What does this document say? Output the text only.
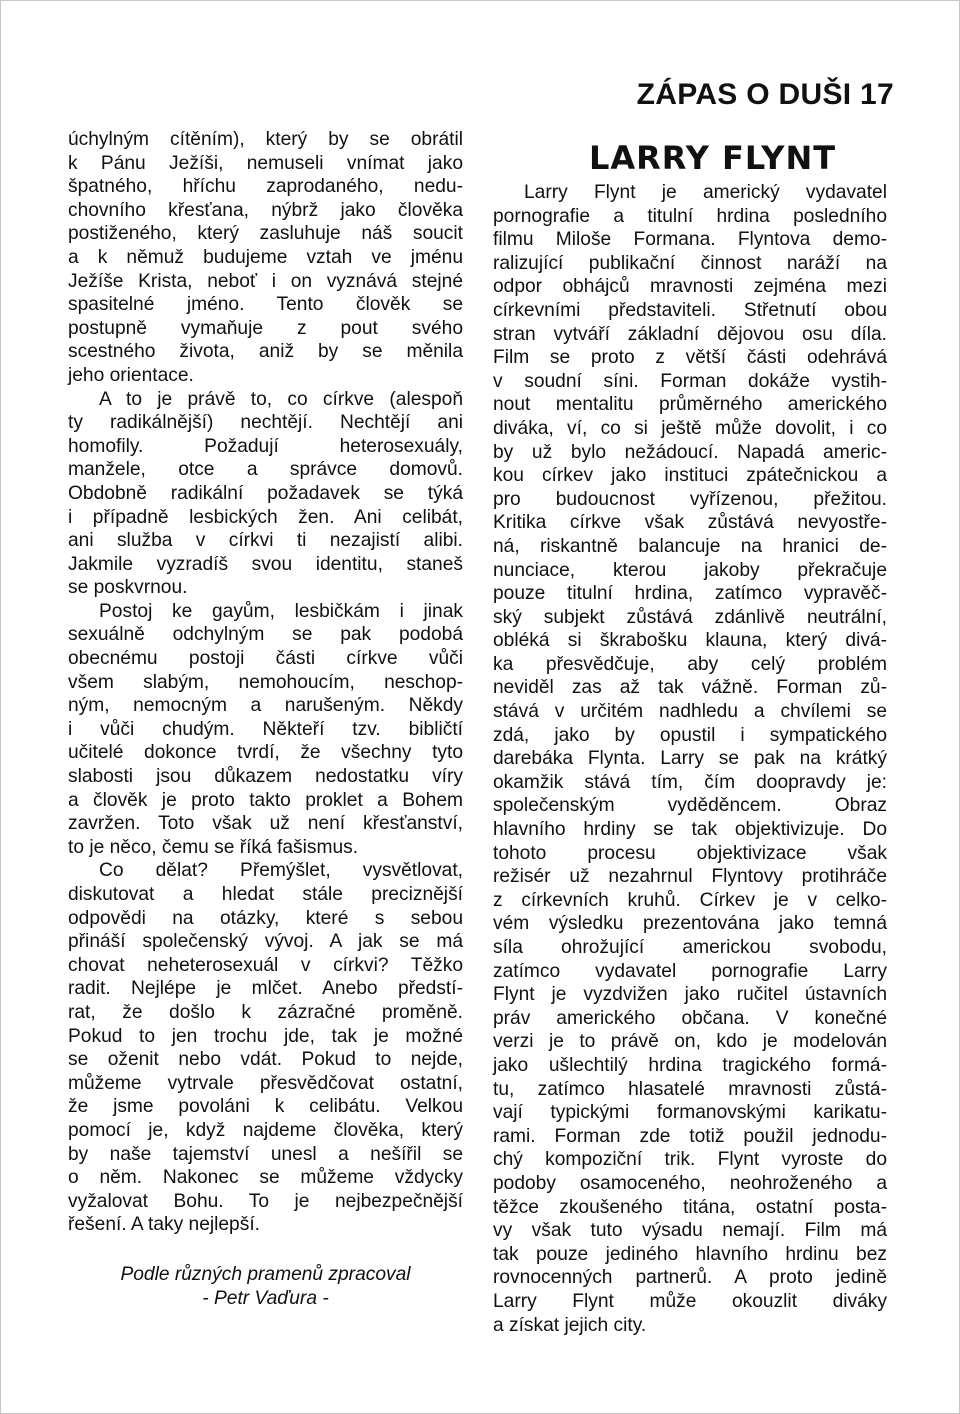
ZÁPAS O DUŠI 17
úchylným cítěním), který by se obrátil
k Pánu Ježíši, nemuseli vnímat jako
špatného, hříchu zaprodaného, nedu-
chovního křesťana, nýbrž jako člověka
postiženého, který zasluhuje náš soucit
a k němuž budujeme vztah ve jménu
Ježíše Krista, neboť i on vyznává stejné
spasitelné jméno. Tento člověk se
postupně vymaňuje z pout svého
scestného života, aniž by se měnila
jeho orientace.
A to je právě to, co církve (alespoň
ty radikálnější) nechtějí. Nechtějí ani
homofily. Požadují heterosexuály,
manžele, otce a správce domovů.
Obdobně radikální požadavek se týká
i případně lesbických žen. Ani celibát,
ani služba v církvi ti nezajistí alibi.
Jakmile vyzradíš svou identitu, staneš
se poskvrnou.
Postoj ke gayům, lesbičkám i jinak
sexuálně odchylným se pak podobá
obecnému postoji části církve vůči
všem slabým, nemohoucím, neschop-
ným, nemocným a narušeným. Někdy
i vůči chudým. Někteří tzv. bibličtí
učitelé dokonce tvrdí, že všechny tyto
slabosti jsou důkazem nedostatku víry
a člověk je proto takto proklet a Bohem
zavržen. Toto však už není křesťanství,
to je něco, čemu se říká fašismus.
Co dělat? Přemýšlet, vysvětlovat,
diskutovat a hledat stále preciznější
odpovědi na otázky, které s sebou
přináší společenský vývoj. A jak se má
chovat neheterosexuál v církvi? Těžko
radit. Nejlépe je mlčet. Anebo předstí-
rat, že došlo k zázračné proměně.
Pokud to jen trochu jde, tak je možné
se oženit nebo vdát. Pokud to nejde,
můžeme vytrvale přesvědčovat ostatní,
že jsme povoláni k celibátu. Velkou
pomocí je, když najdeme člověka, který
by naše tajemství unesl a nešířil se
o něm. Nakonec se můžeme vždycky
vyžalovat Bohu. To je nejbezpečnější
řešení. A taky nejlepší.
Podle různých pramenů zpracoval
- Petr Vaďura -
LARRY FLYNT
Larry Flynt je americký vydavatel
pornografie a titulní hrdina posledního
filmu Miloše Formana. Flyntova demo-
ralizující publikační činnost naráží na
odpor obhájců mravnosti zejména mezi
církevními představiteli. Střetnutí obou
stran vytváří základní dějovou osu díla.
Film se proto z větší části odehrává
v soudní síni. Forman dokáže vystih-
nout mentalitu průměrného amerického
diváka, ví, co si ještě může dovolit, i co
by už bylo nežádoucí. Napadá americ-
kou církev jako instituci zpátečnickou a
pro budoucnost vyřízenou, přežitou.
Kritika církve však zůstává nevyostře-
ná, riskantně balancuje na hranici de-
nunciace, kterou jakoby překračuje
pouze titulní hrdina, zatímco vypravěč-
ský subjekt zůstává zdánlivě neutrální,
obléká si škrabošku klauna, který divá-
ka přesvědčuje, aby celý problém
neviděl zas až tak vážně. Forman zů-
stává v určitém nadhledu a chvílemi se
zdá, jako by opustil i sympatického
darebáka Flynta. Larry se pak na krátký
okamžik stává tím, čím doopravdy je:
společenským vyděděncem. Obraz
hlavního hrdiny se tak objektivizuje. Do
tohoto procesu objektivizace však
režisér už nezahrnul Flyntovy protihráče
z církevních kruhů. Církev je v celko-
vém výsledku prezentována jako temná
síla ohrožující americkou svobodu,
zatímco vydavatel pornografie Larry
Flynt je vyzdvižen jako ručitel ústavních
práv amerického občana. V konečné
verzi je to právě on, kdo je modelován
jako ušlechtilý hrdina tragického formá-
tu, zatímco hlasatelé mravnosti zůstá-
vají typickými formanovskými karikatu-
rami. Forman zde totiž použil jednodu-
chý kompoziční trik. Flynt vyroste do
podoby osamoceného, neohroženého a
těžce zkoušeného titána, ostatní posta-
vy však tuto výsadu nemají. Film má
tak pouze jediného hlavního hrdinu bez
rovnocenných partnerů. A proto jedině
Larry Flynt může okouzlit diváky
a získat jejich city.
